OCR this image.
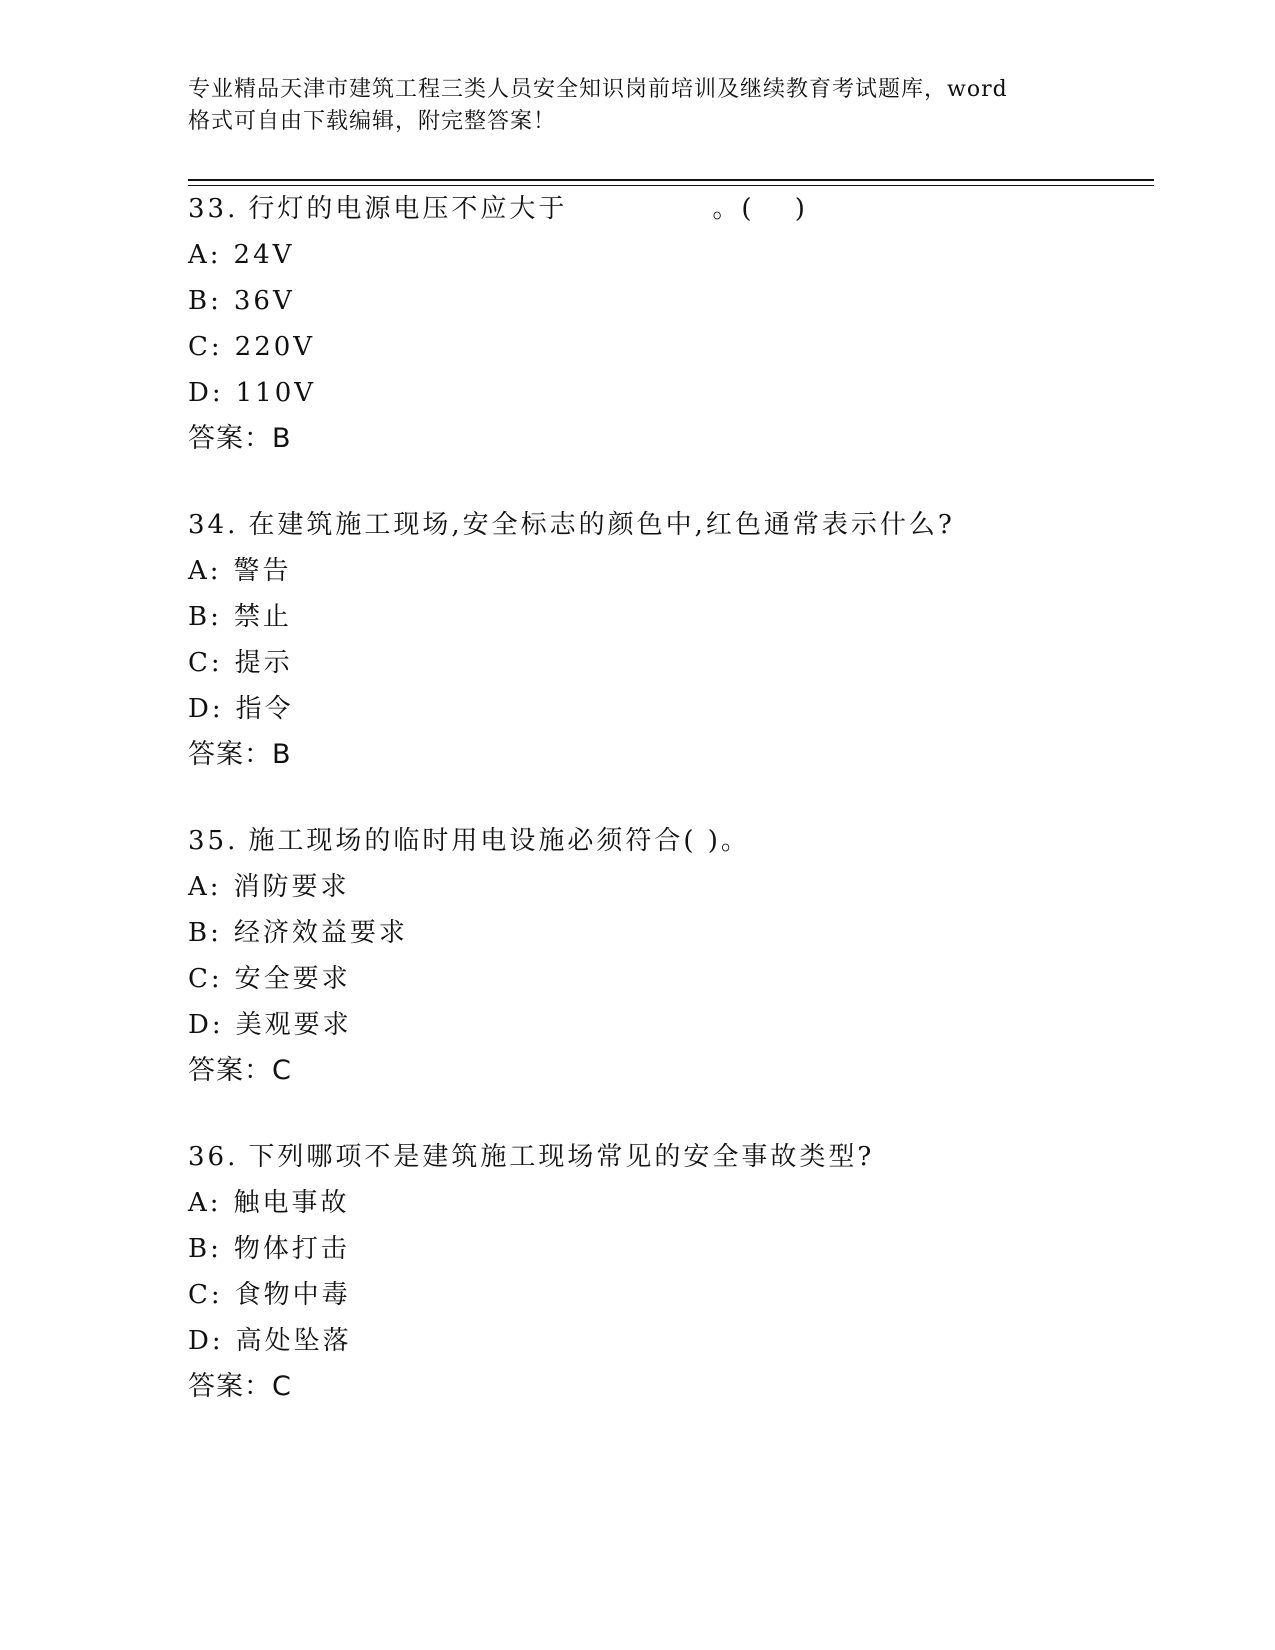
专业精品天津市建筑工程三类人员安全知识岗前培训及继续教育考试题库，word
格式可自由下载编辑，附完整答案！
33. 行灯的电源电压不应大于　　　　　。(　 )
A: 24V
B: 36V
C: 220V
D: 110V
答案：B
34. 在建筑施工现场,安全标志的颜色中,红色通常表示什么?
A: 警告
B: 禁止
C: 提示
D: 指令
答案：B
35. 施工现场的临时用电设施必须符合( )。
A: 消防要求
B: 经济效益要求
C: 安全要求
D: 美观要求
答案：C
36. 下列哪项不是建筑施工现场常见的安全事故类型?
A: 触电事故
B: 物体打击
C: 食物中毒
D: 高处坠落
答案：C
